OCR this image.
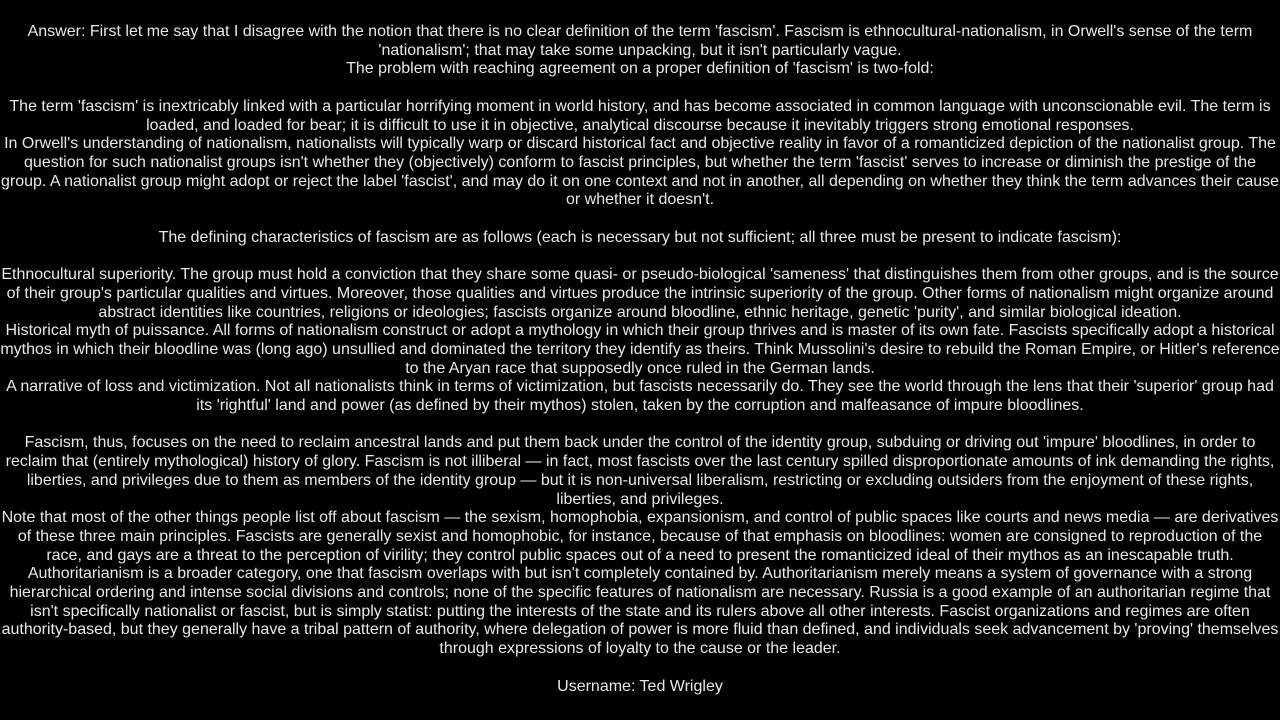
Answer: First let me say that I disagree with the notion that there is no clear definition of the term 'fascism'. Fascism is ethnocultural-nationalism, in Orwell's sense of the term 'nationalism'; that may take some unpacking, but it isn't particularly vague.

The problem with reaching agreement on a proper definition of 'fascism' is two-fold:

The term 'fascism' is inextricably linked with a particular horrifying moment in world history, and has become associated in common language with unconscionable evil. The term is loaded, and loaded for bear; it is difficult to use it in objective, analytical discourse because it inevitably triggers strong emotional responses.

In Orwell's understanding of nationalism, nationalists will typically warp or discard historical fact and objective reality in favor of a romanticized depiction of the nationalist group. The question for such nationalist groups isn't whether they (objectively) conform to fascist principles, but whether the term 'fascist' serves to increase or diminish the prestige of the group. A nationalist group might adopt or reject the label 'fascist', and may do it on one context and not in another, all depending on whether they think the term advances their cause or whether it doesn't.

The defining characteristics of fascism are as follows (each is necessary but not sufficient; all three must be present to indicate fascism):

Ethnocultural superiority. The group must hold a conviction that they share some quasi- or pseudo-biological 'sameness' that distinguishes them from other groups, and is the source of their group's particular qualities and virtues. Moreover, those qualities and virtues produce the intrinsic superiority of the group. Other forms of nationalism might organize around abstract identities like countries, religions or ideologies; fascists organize around bloodline, ethnic heritage, genetic 'purity', and similar biological ideation.

Historical myth of puissance. All forms of nationalism construct or adopt a mythology in which their group thrives and is master of its own fate. Fascists specifically adopt a historical mythos in which their bloodline was (long ago) unsullied and dominated the territory they identify as theirs. Think Mussolini's desire to rebuild the Roman Empire, or Hitler's reference to the Aryan race that supposedly once ruled in the German lands.

A narrative of loss and victimization. Not all nationalists think in terms of victimization, but fascists necessarily do. They see the world through the lens that their 'superior' group had its 'rightful' land and power (as defined by their mythos) stolen, taken by the corruption and malfeasance of impure bloodlines.

Fascism, thus, focuses on the need to reclaim ancestral lands and put them back under the control of the identity group, subduing or driving out 'impure' bloodlines, in order to reclaim that (entirely mythological) history of glory. Fascism is not illiberal — in fact, most fascists over the last century spilled disproportionate amounts of ink demanding the rights, liberties, and privileges due to them as members of the identity group — but it is non-universal liberalism, restricting or excluding outsiders from the enjoyment of these rights, liberties, and privileges.

Note that most of the other things people list off about fascism — the sexism, homophobia, expansionism, and control of public spaces like courts and news media — are derivatives of these three main principles. Fascists are generally sexist and homophobic, for instance, because of that emphasis on bloodlines: women are consigned to reproduction of the race, and gays are a threat to the perception of virility; they control public spaces out of a need to present the romanticized ideal of their mythos as an inescapable truth.

Authoritarianism is a broader category, one that fascism overlaps with but isn't completely contained by. Authoritarianism merely means a system of governance with a strong hierarchical ordering and intense social divisions and controls; none of the specific features of nationalism are necessary. Russia is a good example of an authoritarian regime that isn't specifically nationalist or fascist, but is simply statist: putting the interests of the state and its rulers above all other interests. Fascist organizations and regimes are often authority-based, but they generally have a tribal pattern of authority, where delegation of power is more fluid than defined, and individuals seek advancement by 'proving' themselves through expressions of loyalty to the cause or the leader.

Username: Ted Wrigley
